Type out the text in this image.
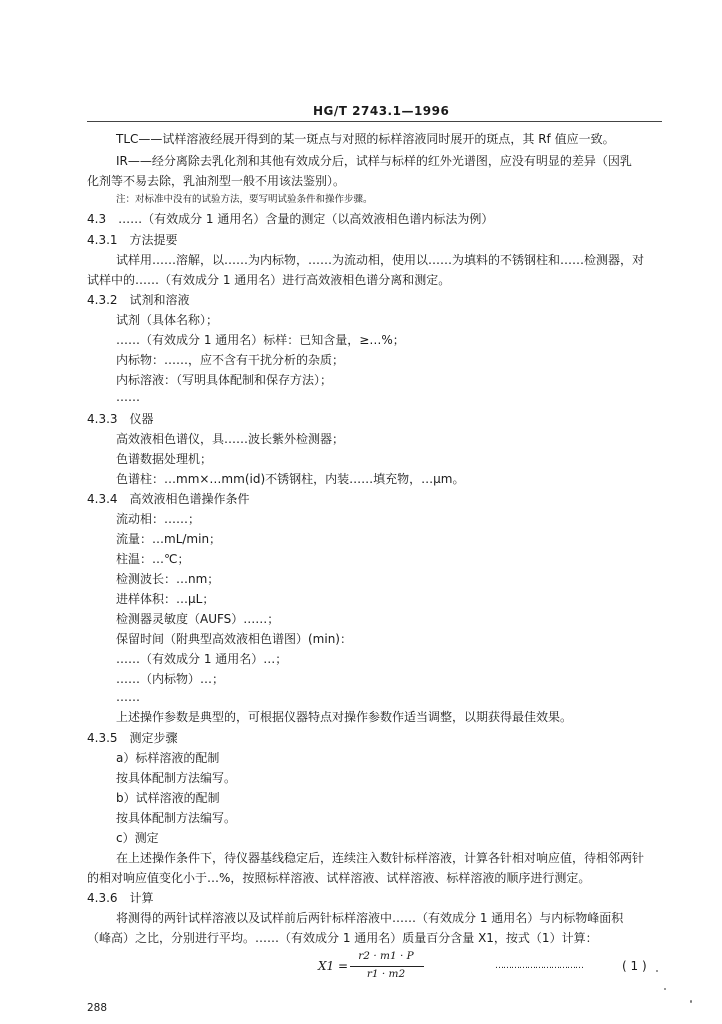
HG/T 2743.1—1996
TLC——试样溶液经展开得到的某一斑点与对照的标样溶液同时展开的斑点，其 Rf 值应一致。
IR——经分离除去乳化剂和其他有效成分后，试样与标样的红外光谱图，应没有明显的差异（因乳
化剂等不易去除，乳油剂型一般不用该法鉴别）。
注：对标准中没有的试验方法，要写明试验条件和操作步骤。
4.3　……（有效成分 1 通用名）含量的测定（以高效液相色谱内标法为例）
4.3.1　方法提要
试样用……溶解，以……为内标物，……为流动相，使用以……为填料的不锈钢柱和……检测器，对
试样中的……（有效成分 1 通用名）进行高效液相色谱分离和测定。
4.3.2　试剂和溶液
试剂（具体名称）；
……（有效成分 1 通用名）标样：已知含量，≥…%；
内标物：……，应不含有干扰分析的杂质；
内标溶液：（写明具体配制和保存方法）；
……
4.3.3　仪器
高效液相色谱仪，具……波长紫外检测器；
色谱数据处理机；
色谱柱：…mm×…mm(id)不锈钢柱，内装……填充物，…μm。
4.3.4　高效液相色谱操作条件
流动相：……；
流量：…mL/min；
柱温：…℃；
检测波长：…nm；
进样体积：…μL；
检测器灵敏度（AUFS）……；
保留时间（附典型高效液相色谱图）(min)：
……（有效成分 1 通用名）…；
……（内标物）…；
……
上述操作参数是典型的，可根据仪器特点对操作参数作适当调整，以期获得最佳效果。
4.3.5　测定步骤
a）标样溶液的配制
按具体配制方法编写。
b）试样溶液的配制
按具体配制方法编写。
c）测定
在上述操作条件下，待仪器基线稳定后，连续注入数针标样溶液，计算各针相对响应值，待相邻两针
的相对响应值变化小于…%，按照标样溶液、试样溶液、试样溶液、标样溶液的顺序进行测定。
4.3.6　计算
将测得的两针试样溶液以及试样前后两针标样溶液中……（有效成分 1 通用名）与内标物峰面积
（峰高）之比，分别进行平均。……（有效成分 1 通用名）质量百分含量 X1，按式（1）计算：
X1 =
r2 · m1 · P
r1 · m2
……………………………	( 1 )
288
